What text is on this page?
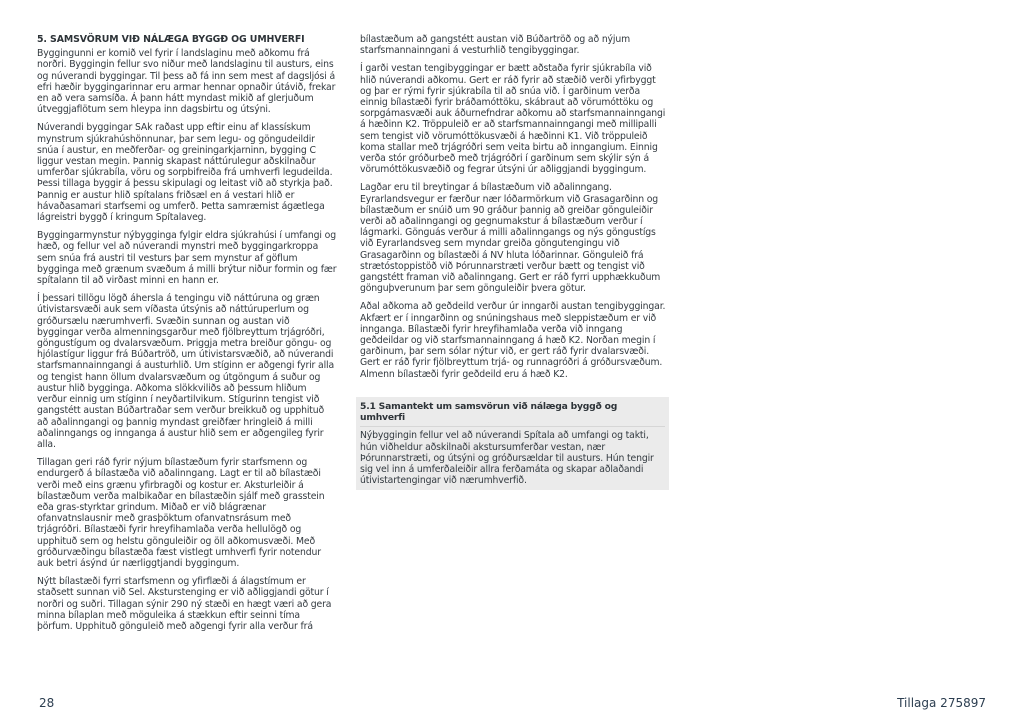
5. SAMSVÖRUM VIÐ NÁLÆGA BYGGÐ OG UMHVERFI

Byggingunni er komið vel fyrir í landslaginu með aðkomu frá norðri. Byggingin fellur svo niður með landslaginu til austurs, eins og núverandi byggingar. Til þess að fá inn sem mest af dagsljósi á efri hæðir byggingarinnar eru armar hennar opnaðir útávið, frekar en að vera samsíða. Á þann hátt myndast mikið af glerjuðum útveggjaflötum sem hleypa inn dagsbirtu og útsýni.

Núverandi byggingar SAk raðast upp eftir einu af klassískum mynstrum sjúkrahúshönnunar, þar sem legu- og göngudeildir snúa í austur, en meðferðar- og greiningarkjarninn, bygging C liggur vestan megin. Þannig skapast náttúrulegur aðskilnaður umferðar sjúkrabíla, vöru og sorpbifreiða frá umhverfi legudeilda. Þessi tillaga byggir á þessu skipulagi og leitast við að styrkja það. Þannig er austur hlið spítalans friðsæl en á vestari hlið er hávaðasamari starfsemi og umferð. Þetta samræmist ágætlega lágreistri byggð í kringum Spítalaveg.

Byggingarmynstur nýbygginga fylgir eldra sjúkrahúsi í umfangi og hæð, og fellur vel að núverandi mynstri með byggingarkroppa sem snúa frá austri til vesturs þar sem mynstur af göflum bygginga með grænum svæðum á milli brýtur niður formin og fær spítalann til að virðast minni en hann er.

Í þessari tillögu lögð áhersla á tengingu við náttúruna og græn útivistarsvæði auk sem víðasta útsýnis að náttúruperlum og gróðursælu nærumhverfi. Svæðin sunnan og austan við byggingar verða almenningsgarður með fjölbreyttum trjágróðri, göngustígum og dvalarsvæðum. Þriggja metra breiður göngu- og hjólastígur liggur frá Búðartröð, um útivistarsvæðið, að núverandi starfsmannainngangi á austurhlið. Um stíginn er aðgengi fyrir alla og tengist hann öllum dvalarsvæðum og útgöngum á suður og austur hlið bygginga. Aðkoma slökkviliðs að þessum hliðum verður einnig um stíginn í neyðartilvikum. Stígurinn tengist við gangstétt austan Búðartraðar sem verður breikkuð og upphituð að aðalinngangi og þannig myndast greiðfær hringleið á milli aðalinngangs og innganga á austur hlið sem er aðgengileg fyrir alla.

Tillagan geri ráð fyrir nýjum bílastæðum fyrir starfsmenn og endurgerð á bílastæða við aðalinngang. Lagt er til að bílastæði verði með eins grænu yfirbragði og kostur er. Aksturleiðir á bílastæðum verða malbikaðar en bílastæðin sjálf með grasstein eða gras-styrktar grindum. Miðað er við blágrænar ofanvatnslausnir með grasþöktum ofanvatnsrásum með trjágróðri. Bílastæði fyrir hreyfihamlaða verða hellulögð og upphituð sem og helstu gönguleiðir og öll aðkomusvæði. Með gróðurvæðingu bílastæða fæst vistlegt umhverfi fyrir notendur auk betri ásýnd úr nærliggtjandi byggingum.

Nýtt bílastæði fyrri starfsmenn og yfirflæði á álagstímum er staðsett sunnan við Sel. Aksturstenging er við aðliggjandi götur í norðri og suðri. Tillagan sýnir 290 ný stæði en hægt væri að gera minna bílaplan með möguleika á stækkun eftir seinni tíma þörfum. Upphituð gönguleið með aðgengi fyrir alla verður frá

bílastæðum að gangstétt austan við Búðartröð og að nýjum starfsmannainngani á vesturhlið tengibyggingar.

Í garði vestan tengibyggingar er bætt aðstaða fyrir sjúkrabíla við hlið núverandi aðkomu. Gert er ráð fyrir að stæðið verði yfirbyggt og þar er rými fyrir sjúkrabíla til að snúa við. Í garðinum verða einnig bílastæði fyrir bráðamóttöku, skábraut að vörumóttöku og sorpgámasvæði auk áðurnefndrar aðkomu að starfsmannainngangi á hæðinn K2. Tröppuleið er að starfsmannainngangi með millipalli sem tengist við vörumóttökusvæði á hæðinni K1. Við tröppuleið koma stallar með trjágróðri sem veita birtu að inngangium. Einnig verða stór gróðurbeð með trjágróðri í garðinum sem skýlir sýn á vörumóttökusvæðið og fegrar útsýni úr aðliggjandi byggingum.

Lagðar eru til breytingar á bílastæðum við aðalinngang. Eyrarlandsvegur er færður nær lóðarmörkum við Grasagarðinn og bílastæðum er snúið um 90 gráður þannig að greiðar gönguleiðir verði að aðalinngangi og gegnumakstur á bílastæðum verður í lágmarki. Gönguás verður á milli aðalinngangs og nýs göngustígs við Eyrarlandsveg sem myndar greiða göngutengingu við Grasagarðinn og bílastæði á NV hluta lóðarinnar. Gönguleið frá strætóstoppistöð við Þórunnarstræti verður bætt og tengist við gangstétt framan við aðalinngang. Gert er ráð fyrri upphækkuðum gönguþverunum þar sem gönguleiðir þvera götur.

Aðal aðkoma að geðdeild verður úr inngarði austan tengibyggingar. Akfært er í inngarðinn og snúningshaus með sleppistæðum er við innganga. Bílastæði fyrir hreyfihamlaða verða við inngang geðdeildar og við starfsmannainngang á hæð K2. Norðan megin í garðinum, þar sem sólar nýtur við, er gert ráð fyrir dvalarsvæði. Gert er ráð fyrir fjölbreyttum trjá- og runnagróðri á gróðursvæðum. Almenn bílastæði fyrir geðdeild eru á hæð K2.

5.1 Samantekt um samsvörun við nálæga byggð og umhverfi

Nýbyggingin fellur vel að núverandi Spítala að umfangi og takti, hún viðheldur aðskilnaði akstursumferðar vestan, nær Þórunnarstræti, og útsýni og gróðursældar til austurs. Hún tengir sig vel inn á umferðaleiðir allra ferðamáta og skapar aðlaðandi útivistartengingar við nærumhverfið.

28	Tillaga 275897
